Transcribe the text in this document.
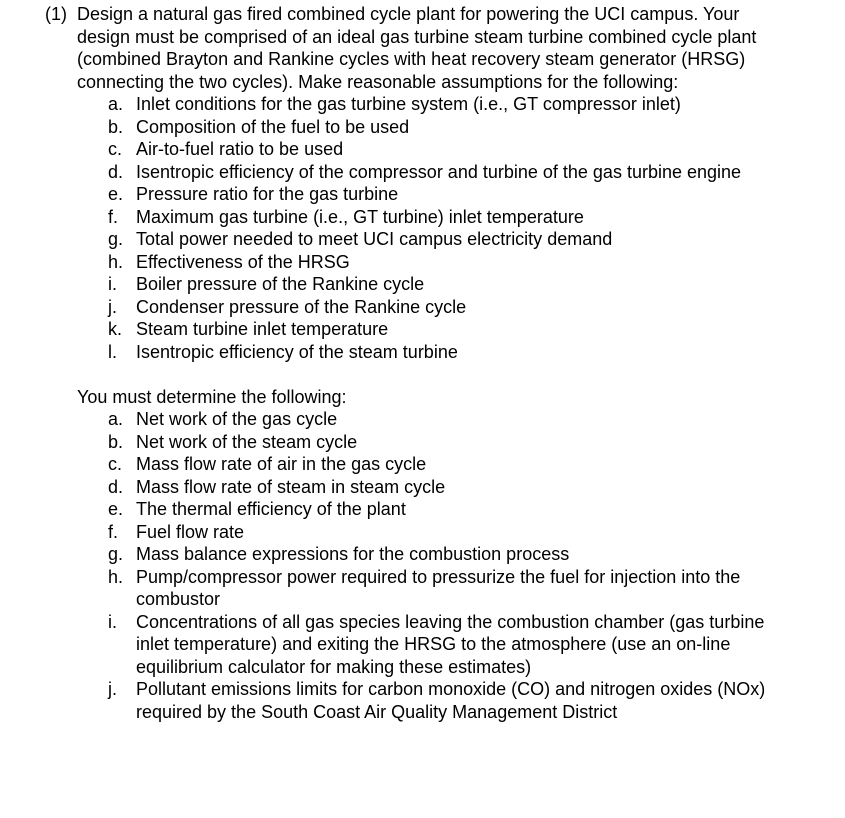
(1) Design a natural gas fired combined cycle plant for powering the UCI campus. Your design must be comprised of an ideal gas turbine steam turbine combined cycle plant (combined Brayton and Rankine cycles with heat recovery steam generator (HRSG) connecting the two cycles). Make reasonable assumptions for the following:
a. Inlet conditions for the gas turbine system (i.e., GT compressor inlet)
b. Composition of the fuel to be used
c. Air-to-fuel ratio to be used
d. Isentropic efficiency of the compressor and turbine of the gas turbine engine
e. Pressure ratio for the gas turbine
f. Maximum gas turbine (i.e., GT turbine) inlet temperature
g. Total power needed to meet UCI campus electricity demand
h. Effectiveness of the HRSG
i. Boiler pressure of the Rankine cycle
j. Condenser pressure of the Rankine cycle
k. Steam turbine inlet temperature
l. Isentropic efficiency of the steam turbine
You must determine the following:
a. Net work of the gas cycle
b. Net work of the steam cycle
c. Mass flow rate of air in the gas cycle
d. Mass flow rate of steam in steam cycle
e. The thermal efficiency of the plant
f. Fuel flow rate
g. Mass balance expressions for the combustion process
h. Pump/compressor power required to pressurize the fuel for injection into the combustor
i. Concentrations of all gas species leaving the combustion chamber (gas turbine inlet temperature) and exiting the HRSG to the atmosphere (use an on-line equilibrium calculator for making these estimates)
j. Pollutant emissions limits for carbon monoxide (CO) and nitrogen oxides (NOx) required by the South Coast Air Quality Management District
